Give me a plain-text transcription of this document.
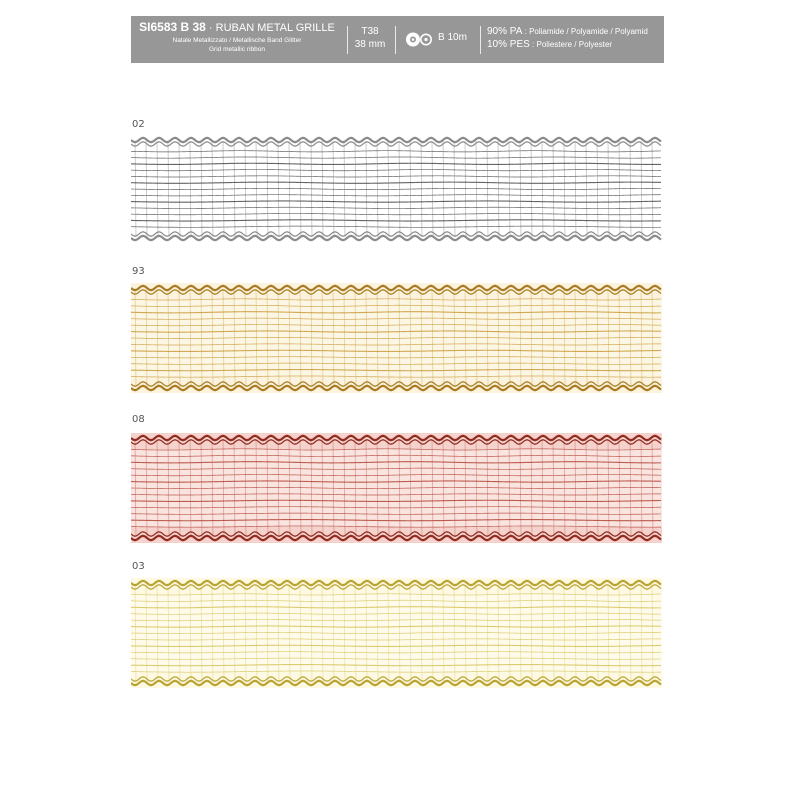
SI6583 B 38 · RUBAN METAL GRILLE
Natale Metallizzato / Metallische Band Glitter
Grid metallic ribbon
T38
38 mm
B 10m
90% PA : Poliamide / Polyamide / Polyamid
10% PES : Poliestere / Polyester
02
93
08
03
